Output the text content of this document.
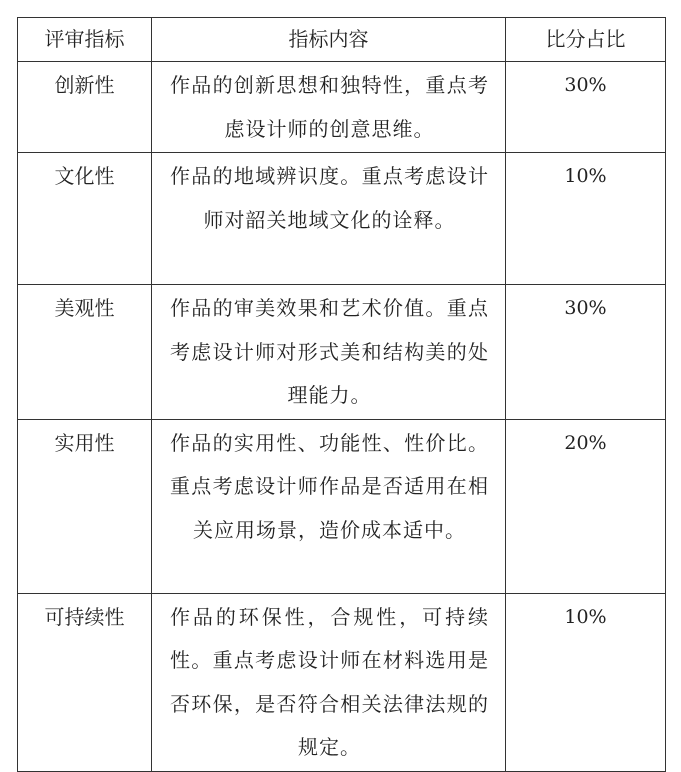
评审指标	指标内容	比分占比
创新性	作品的创新思想和独特性，重点考虑设计师的创意思维。	30%
文化性	作品的地域辨识度。重点考虑设计师对韶关地域文化的诠释。	10%
美观性	作品的审美效果和艺术价值。重点考虑设计师对形式美和结构美的处理能力。	30%
实用性	作品的实用性、功能性、性价比。重点考虑设计师作品是否适用在相关应用场景，造价成本适中。	20%
可持续性	作品的环保性，合规性，可持续性。重点考虑设计师在材料选用是否环保，是否符合相关法律法规的规定。	10%
